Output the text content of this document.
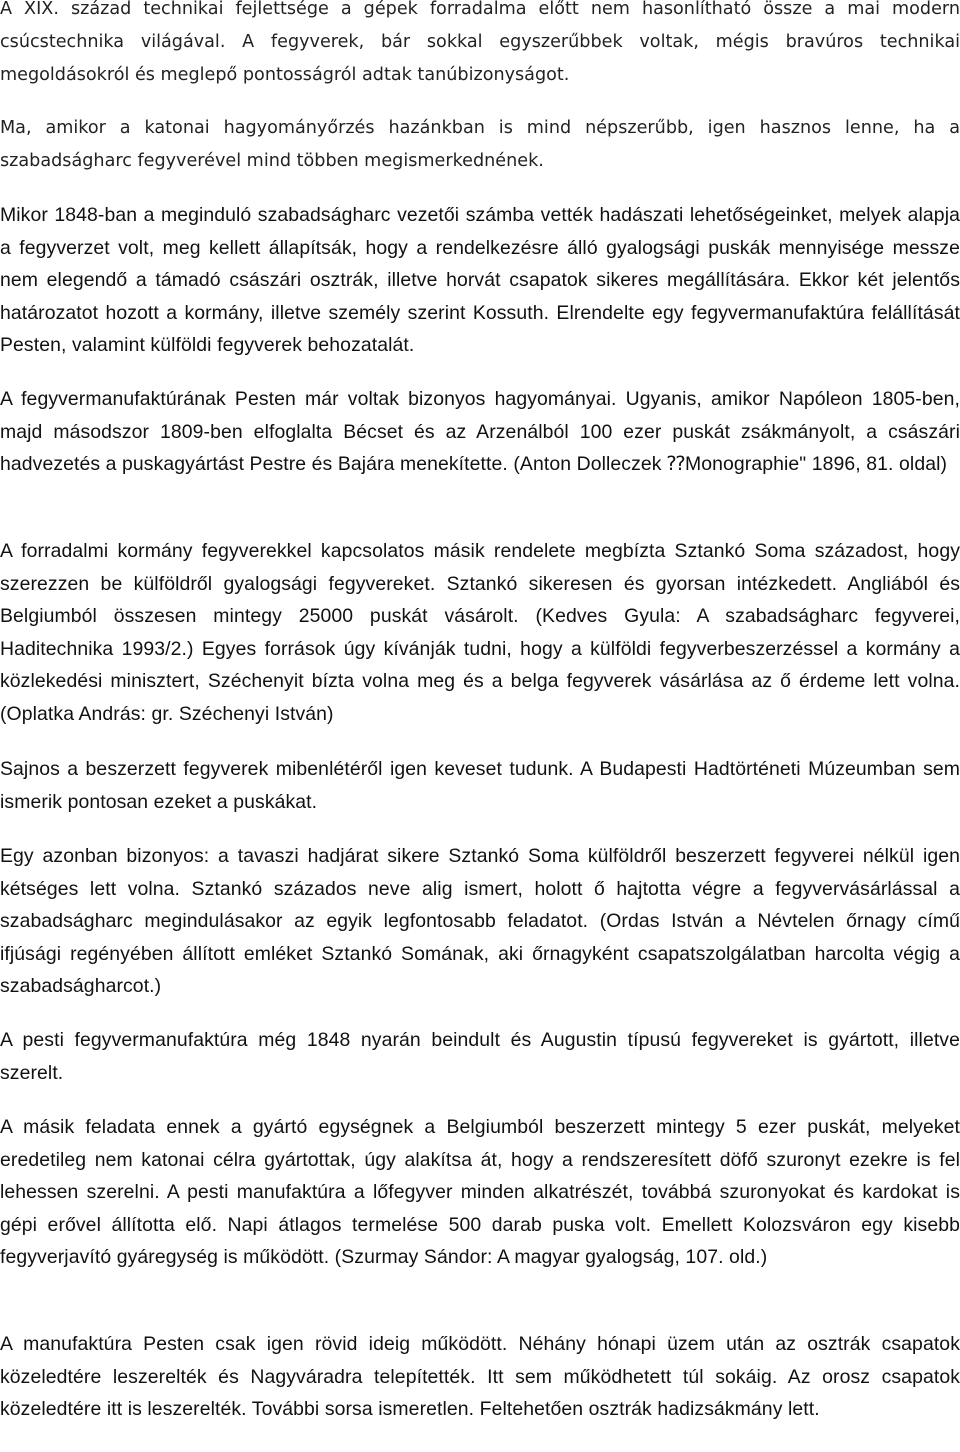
A XIX. század technikai fejlettsége a gépek forradalma előtt nem hasonlítható össze a mai modern csúcstechnika világával. A fegyverek, bár sokkal egyszerűbbek voltak, mégis bravúros technikai megoldásokról és meglepő pontosságról adtak tanúbizonyságot.

Ma, amikor a katonai hagyományőrzés hazánkban is mind népszerűbb, igen hasznos lenne, ha a szabadságharc fegyverével mind többen megismerkednének.

Mikor 1848-ban a meginduló szabadságharc vezetői számba vették hadászati lehetőségeinket, melyek alapja a fegyverzet volt, meg kellett állapítsák, hogy a rendelkezésre álló gyalogsági puskák mennyisége messze nem elegendő a támadó császári osztrák, illetve horvát csapatok sikeres megállítására. Ekkor két jelentős határozatot hozott a kormány, illetve személy szerint Kossuth. Elrendelte egy fegyvermanufaktúra felállítását Pesten, valamint külföldi fegyverek behozatalát.

A fegyvermanufaktúrának Pesten már voltak bizonyos hagyományai. Ugyanis, amikor Napóleon 1805-ben, majd másodszor 1809-ben elfoglalta Bécset és az Arzenálból 100 ezer puskát zsákmányolt, a császári hadvezetés a puskagyártást Pestre és Bajára menekítette. (Anton Dolleczek ⁇Monographie" 1896, 81. oldal)

A forradalmi kormány fegyverekkel kapcsolatos másik rendelete megbízta Sztankó Soma századost, hogy szerezzen be külföldről gyalogsági fegyvereket. Sztankó sikeresen és gyorsan intézkedett. Angliából és Belgiumból összesen mintegy 25000 puskát vásárolt. (Kedves Gyula: A szabadságharc fegyverei, Haditechnika 1993/2.) Egyes források úgy kívánják tudni, hogy a külföldi fegyverbeszerzéssel a kormány a közlekedési minisztert, Széchenyit bízta volna meg és a belga fegyverek vásárlása az ő érdeme lett volna. (Oplatka András: gr. Széchenyi István)

Sajnos a beszerzett fegyverek mibenlétéről igen keveset tudunk. A Budapesti Hadtörténeti Múzeumban sem ismerik pontosan ezeket a puskákat.

Egy azonban bizonyos: a tavaszi hadjárat sikere Sztankó Soma külföldről beszerzett fegyverei nélkül igen kétséges lett volna. Sztankó százados neve alig ismert, holott ő hajtotta végre a fegyvervásárlással a szabadságharc megindulásakor az egyik legfontosabb feladatot. (Ordas István a Névtelen őrnagy című ifjúsági regényében állított emléket Sztankó Somának, aki őrnagyként csapatszolgálatban harcolta végig a szabadságharcot.)

A pesti fegyvermanufaktúra még 1848 nyarán beindult és Augustin típusú fegyvereket is gyártott, illetve szerelt.

A másik feladata ennek a gyártó egységnek a Belgiumból beszerzett mintegy 5 ezer puskát, melyeket eredetileg nem katonai célra gyártottak, úgy alakítsa át, hogy a rendszeresített döfő szuronyt ezekre is fel lehessen szerelni. A pesti manufaktúra a lőfegyver minden alkatrészét, továbbá szuronyokat és kardokat is gépi erővel állította elő. Napi átlagos termelése 500 darab puska volt. Emellett Kolozsváron egy kisebb fegyverjavító gyáregység is működött. (Szurmay Sándor: A magyar gyalogság, 107. old.)

A manufaktúra Pesten csak igen rövid ideig működött. Néhány hónapi üzem után az osztrák csapatok közeledtére leszerelték és Nagyváradra telepítették. Itt sem működhetett túl sokáig. Az orosz csapatok közeledtére itt is leszerelték. További sorsa ismeretlen. Feltehetően osztrák hadizsákmány lett.
